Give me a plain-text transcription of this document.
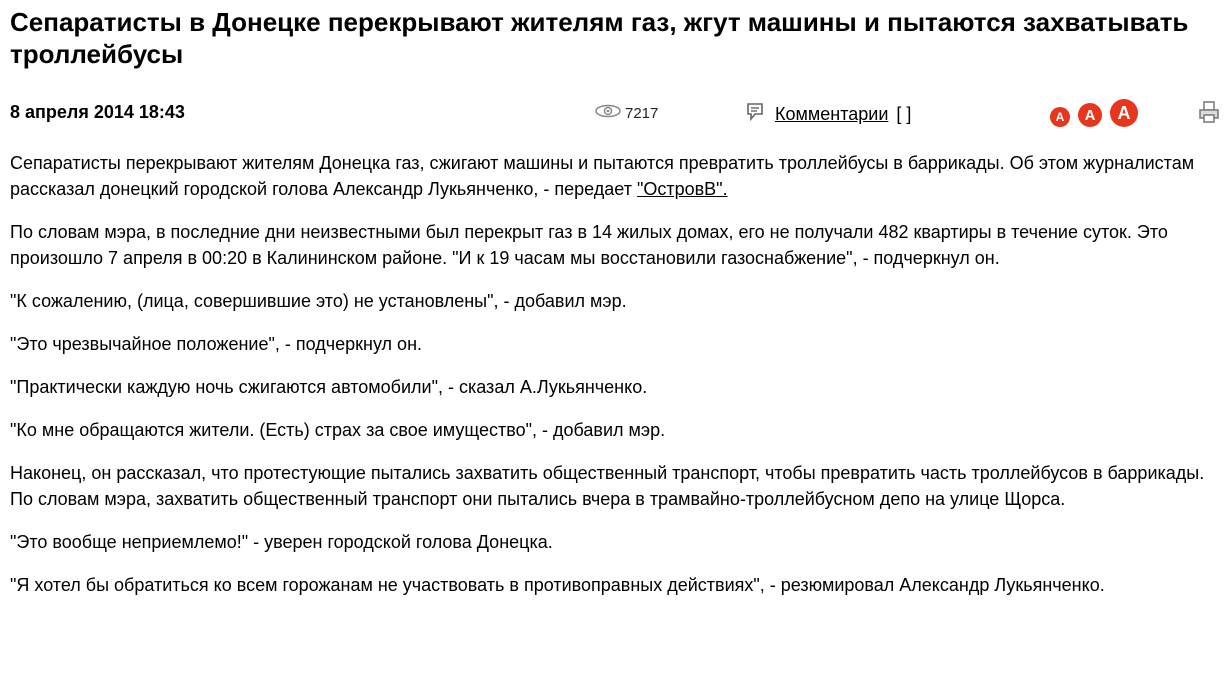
Сепаратисты в Донецке перекрывают жителям газ, жгут машины и пытаются захватывать троллейбусы
8 апреля 2014 18:43	7217	Комментарии [ ]	A	A	A

Сепаратисты перекрывают жителям Донецка газ, сжигают машины и пытаются превратить троллейбусы в баррикады. Об этом журналистам рассказал донецкий городской голова Александр Лукьянченко, - передает "ОстровВ".

По словам мэра, в последние дни неизвестными был перекрыт газ в 14 жилых домах, его не получали 482 квартиры в течение суток. Это произошло 7 апреля в 00:20 в Калининском районе. "И к 19 часам мы восстановили газоснабжение", - подчеркнул он.

"К сожалению, (лица, совершившие это) не установлены", - добавил мэр.

"Это чрезвычайное положение", - подчеркнул он.

"Практически каждую ночь сжигаются автомобили", - сказал А.Лукьянченко.

"Ко мне обращаются жители. (Есть) страх за свое имущество", - добавил мэр.

Наконец, он рассказал, что протестующие пытались захватить общественный транспорт, чтобы превратить часть троллейбусов в баррикады. По словам мэра, захватить общественный транспорт они пытались вчера в трамвайно-троллейбусном депо на улице Щорса.

"Это вообще неприемлемо!" - уверен городской голова Донецка.

"Я хотел бы обратиться ко всем горожанам не участвовать в противоправных действиях", - резюмировал Александр Лукьянченко.
